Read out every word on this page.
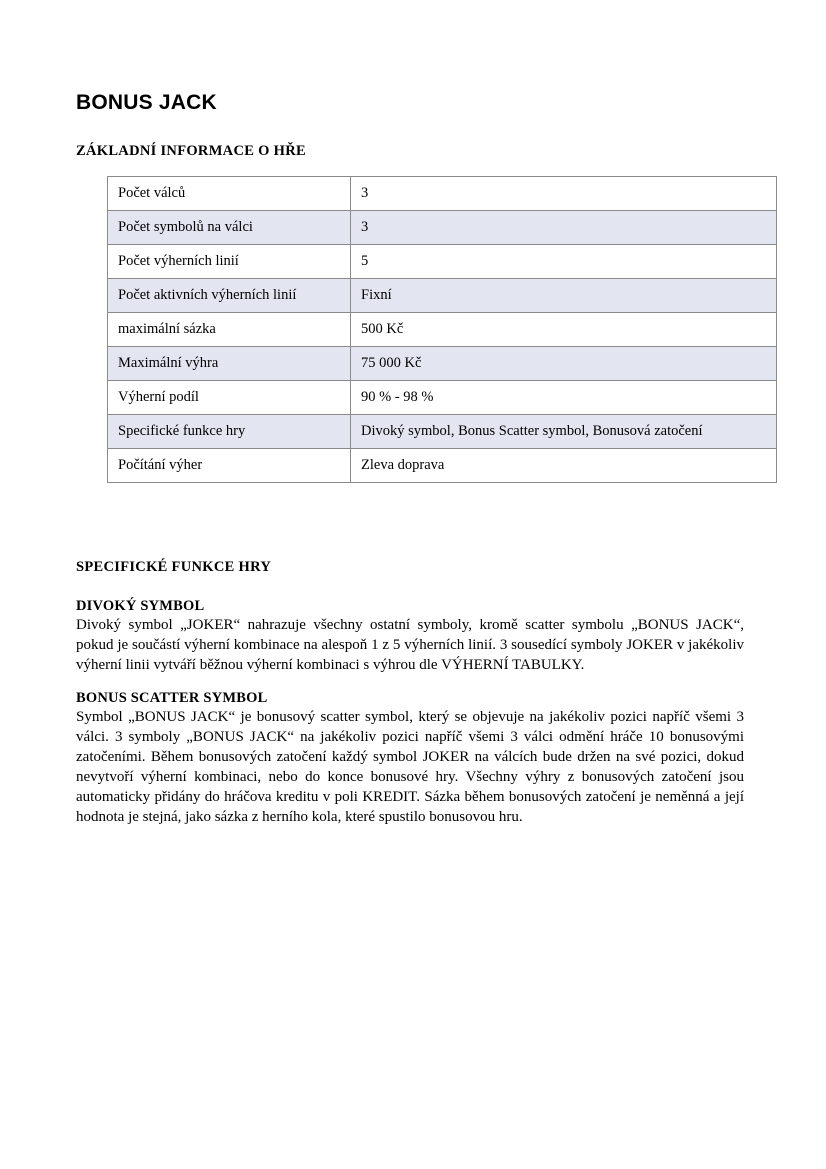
BONUS JACK
ZÁKLADNÍ INFORMACE O HŘE
Počet válců	3
Počet symbolů na válci	3
Počet výherních linií	5
Počet aktivních výherních linií	Fixní
maximální sázka	500 Kč
Maximální výhra	75 000 Kč
Výherní podíl	90 % - 98 %
Specifické funkce hry	Divoký symbol, Bonus Scatter symbol, Bonusová zatočení
Počítání výher	Zleva doprava
SPECIFICKÉ FUNKCE HRY
DIVOKÝ SYMBOL

Divoký symbol „JOKER“ nahrazuje všechny ostatní symboly, kromě scatter symbolu „BONUS JACK“, pokud je součástí výherní kombinace na alespoň 1 z 5 výherních linií. 3 sousedící symboly JOKER v jakékoliv výherní linii vytváří běžnou výherní kombinaci s výhrou dle VÝHERNÍ TABULKY.

BONUS SCATTER SYMBOL

Symbol „BONUS JACK“ je bonusový scatter symbol, který se objevuje na jakékoliv pozici napříč všemi 3 válci. 3 symboly „BONUS JACK“ na jakékoliv pozici napříč všemi 3 válci odmění hráče 10 bonusovými zatočeními. Během bonusových zatočení každý symbol JOKER na válcích bude držen na své pozici, dokud nevytvoří výherní kombinaci, nebo do konce bonusové hry. Všechny výhry z bonusových zatočení jsou automaticky přidány do hráčova kreditu v poli KREDIT. Sázka během bonusových zatočení je neměnná a její hodnota je stejná, jako sázka z herního kola, které spustilo bonusovou hru.
